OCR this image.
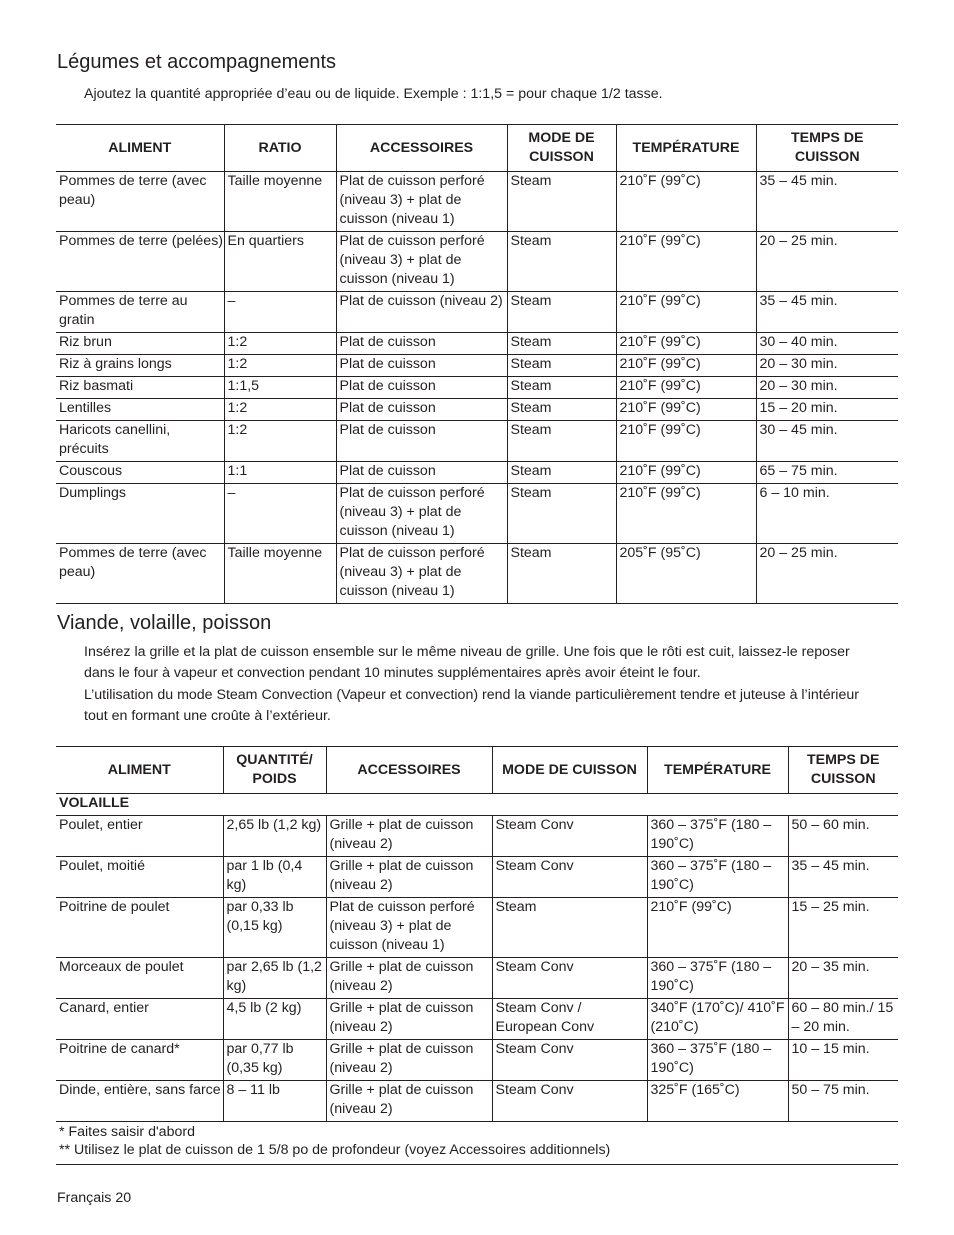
Légumes et accompagnements

Ajoutez la quantité appropriée d’eau ou de liquide. Exemple : 1:1,5 = pour chaque 1/2 tasse.

ALIMENT	RATIO	ACCESSOIRES	MODE DE CUISSON	TEMPÉRATURE	TEMPS DE CUISSON
Pommes de terre (avec peau)	Taille moyenne	Plat de cuisson perforé (niveau 3) + plat de cuisson (niveau 1)	Steam	210˚F (99˚C)	35 – 45 min.
Pommes de terre (pelées)	En quartiers	Plat de cuisson perforé (niveau 3) + plat de cuisson (niveau 1)	Steam	210˚F (99˚C)	20 – 25 min.
Pommes de terre au gratin	–	Plat de cuisson (niveau 2)	Steam	210˚F (99˚C)	35 – 45 min.
Riz brun	1:2	Plat de cuisson	Steam	210˚F (99˚C)	30 – 40 min.
Riz à grains longs	1:2	Plat de cuisson	Steam	210˚F (99˚C)	20 – 30 min.
Riz basmati	1:1,5	Plat de cuisson	Steam	210˚F (99˚C)	20 – 30 min.
Lentilles	1:2	Plat de cuisson	Steam	210˚F (99˚C)	15 – 20 min.
Haricots canellini, précuits	1:2	Plat de cuisson	Steam	210˚F (99˚C)	30 – 45 min.
Couscous	1:1	Plat de cuisson	Steam	210˚F (99˚C)	65 – 75 min.
Dumplings	–	Plat de cuisson perforé (niveau 3) + plat de cuisson (niveau 1)	Steam	210˚F (99˚C)	6 – 10 min.
Pommes de terre (avec peau)	Taille moyenne	Plat de cuisson perforé (niveau 3) + plat de cuisson (niveau 1)	Steam	205˚F (95˚C)	20 – 25 min.
Viande, volaille, poisson

Insérez la grille et la plat de cuisson ensemble sur le même niveau de grille. Une fois que le rôti est cuit, laissez-le reposer dans le four à vapeur et convection pendant 10 minutes supplémentaires après avoir éteint le four.

L’utilisation du mode Steam Convection (Vapeur et convection) rend la viande particulièrement tendre et juteuse à l’intérieur tout en formant une croûte à l’extérieur.

ALIMENT	QUANTITÉ/ POIDS	ACCESSOIRES	MODE DE CUISSON	TEMPÉRATURE	TEMPS DE CUISSON
VOLAILLE					
Poulet, entier	2,65 lb (1,2 kg)	Grille + plat de cuisson (niveau 2)	Steam Conv	360 – 375˚F (180 – 190˚C)	50 – 60 min.
Poulet, moitié	par 1 lb (0,4 kg)	Grille + plat de cuisson (niveau 2)	Steam Conv	360 – 375˚F (180 – 190˚C)	35 – 45 min.
Poitrine de poulet	par 0,33 lb (0,15 kg)	Plat de cuisson perforé (niveau 3) + plat de cuisson (niveau 1)	Steam	210˚F (99˚C)	15 – 25 min.
Morceaux de poulet	par 2,65 lb (1,2 kg)	Grille + plat de cuisson (niveau 2)	Steam Conv	360 – 375˚F (180 – 190˚C)	20 – 35 min.
Canard, entier	4,5 lb (2 kg)	Grille + plat de cuisson (niveau 2)	Steam Conv / European Conv	340˚F (170˚C)/ 410˚F (210˚C)	60 – 80 min./ 15 – 20 min.
Poitrine de canard*	par 0,77 lb (0,35 kg)	Grille + plat de cuisson (niveau 2)	Steam Conv	360 – 375˚F (180 – 190˚C)	10 – 15 min.
Dinde, entière, sans farce	8 – 11 lb	Grille + plat de cuisson (niveau 2)	Steam Conv	325˚F (165˚C)	50 – 75 min.
* Faites saisir d'abord
** Utilisez le plat de cuisson de 1 5/8 po de profondeur (voyez Accessoires additionnels)
Français 20
